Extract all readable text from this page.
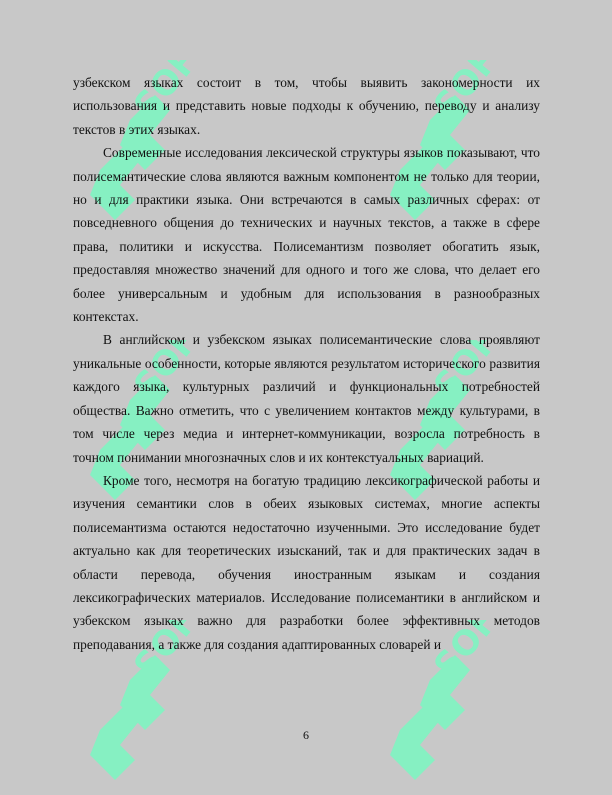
SOFF	SOFF
SOFF	SOFF
SOFF	SOFF

узбекском языках состоит в том, чтобы выявить закономерности их использования и представить новые подходы к обучению, переводу и анализу текстов в этих языках.

Современные исследования лексической структуры языков показывают, что полисемантические слова являются важным компонентом не только для теории, но и для практики языка. Они встречаются в самых различных сферах: от повседневного общения до технических и научных текстов, а также в сфере права, политики и искусства. Полисемантизм позволяет обогатить язык, предоставляя множество значений для одного и того же слова, что делает его более универсальным и удобным для использования в разнообразных контекстах.

В английском и узбекском языках полисемантические слова проявляют уникальные особенности, которые являются результатом исторического развития каждого языка, культурных различий и функциональных потребностей общества. Важно отметить, что с увеличением контактов между культурами, в том числе через медиа и интернет-коммуникации, возросла потребность в точном понимании многозначных слов и их контекстуальных вариаций.

Кроме того, несмотря на богатую традицию лексикографической работы и изучения семантики слов в обеих языковых системах, многие аспекты полисемантизма остаются недостаточно изученными. Это исследование будет актуально как для теоретических изысканий, так и для практических задач в области перевода, обучения иностранным языкам и создания лексикографических материалов. Исследование полисемантики в английском и узбекском языках важно для разработки более эффективных методов преподавания, а также для создания адаптированных словарей и

6
